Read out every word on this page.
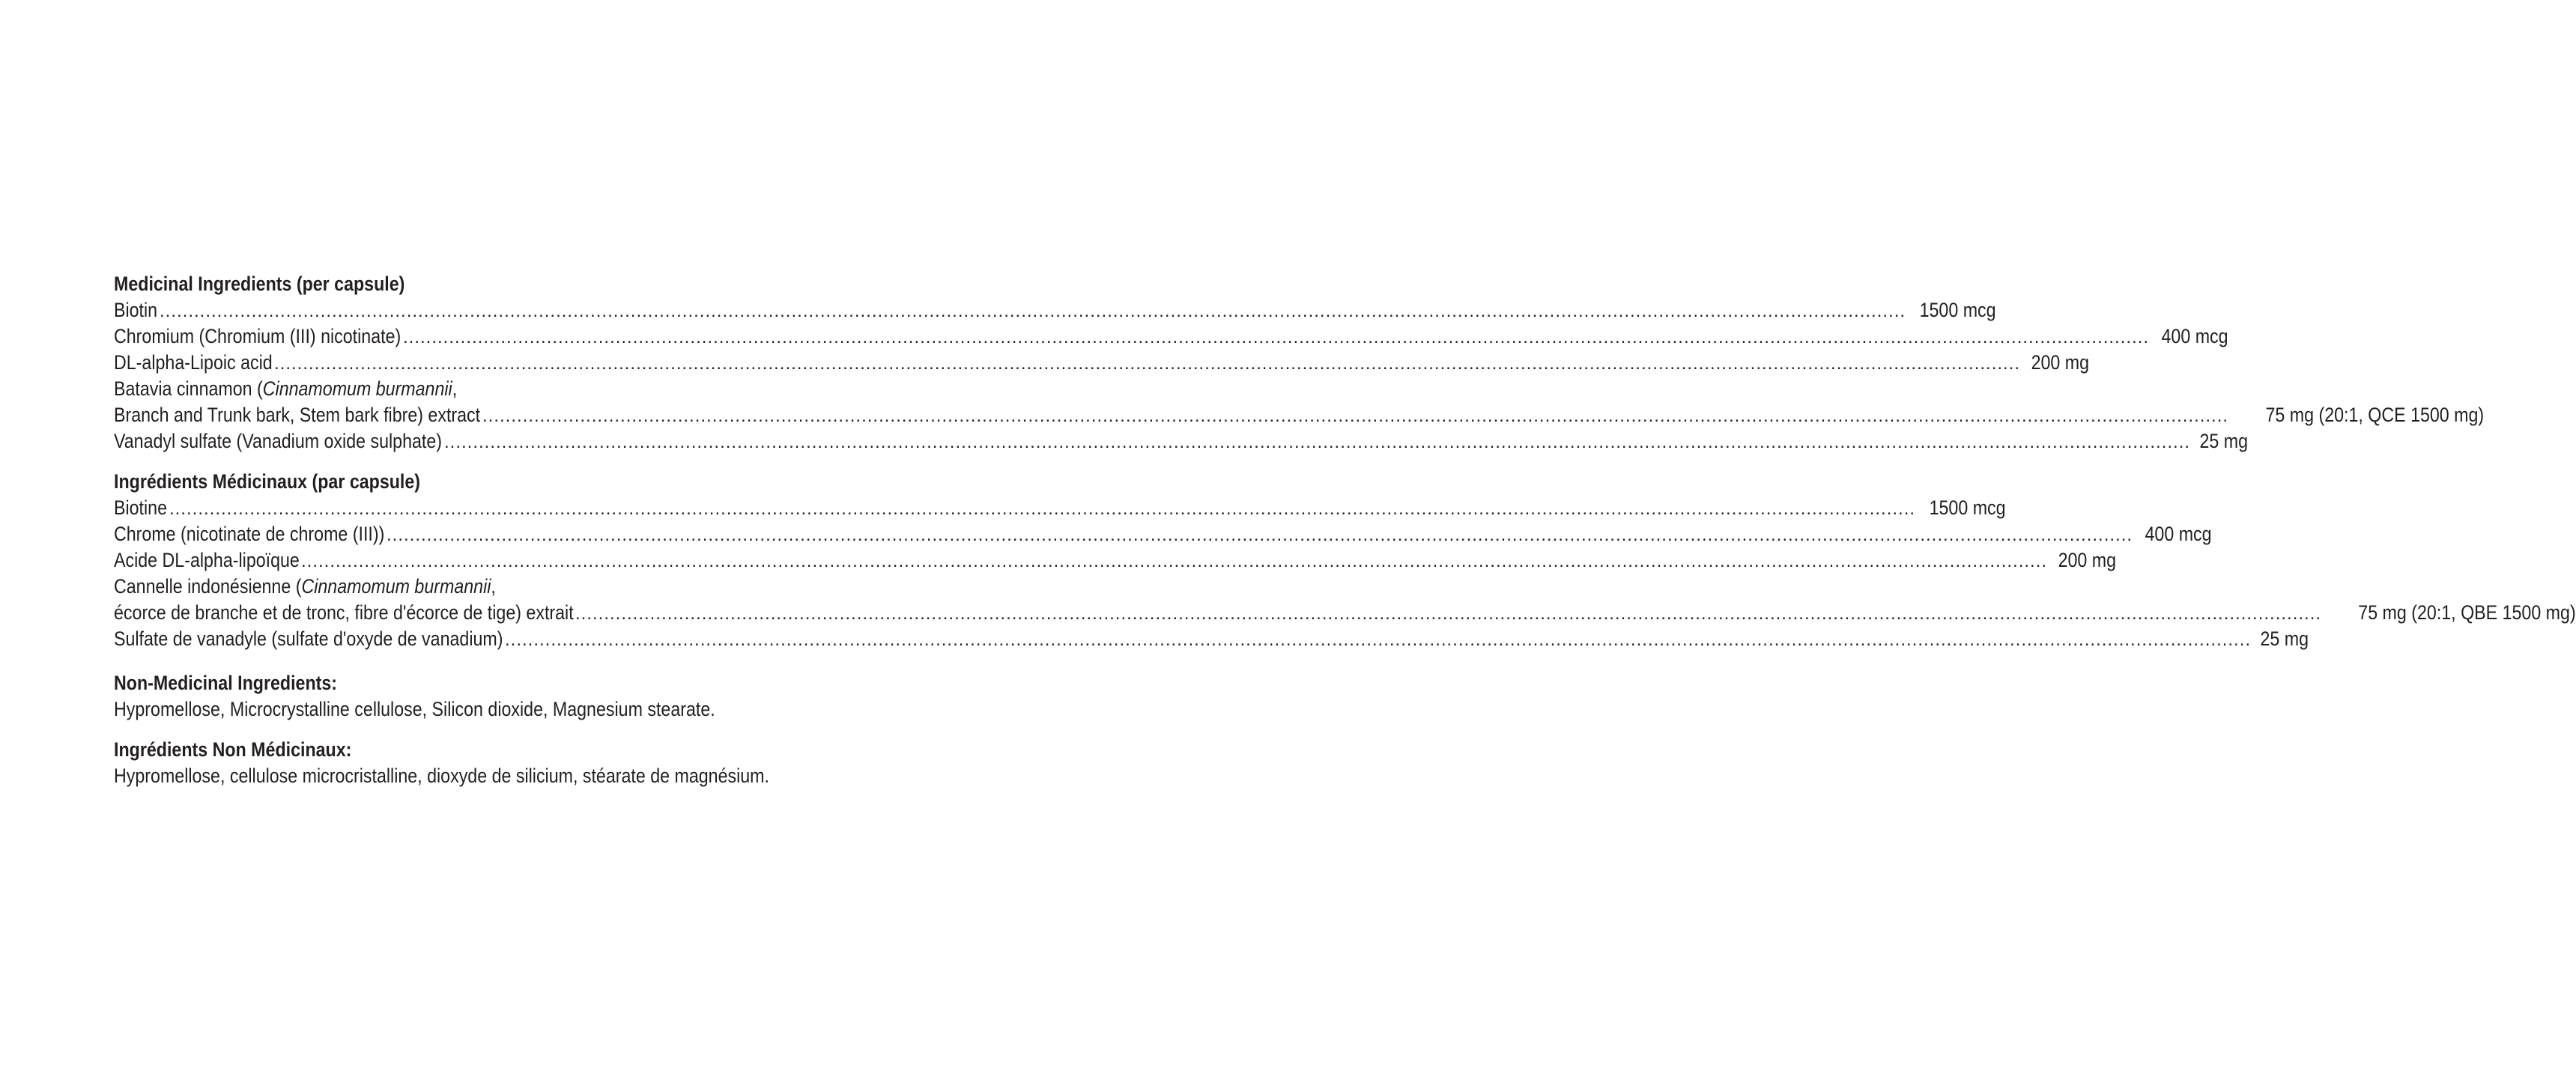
Medicinal Ingredients (per capsule)
Biotin .....	1500 mcg
Chromium (Chromium (III) nicotinate) .....	400 mcg
DL-alpha-Lipoic acid .....	200 mg
Batavia cinnamon (Cinnamomum burmannii,
Branch and Trunk bark, Stem bark fibre) extract .....	75 mg (20:1, QCE 1500 mg)
Vanadyl sulfate (Vanadium oxide sulphate) .....	25 mg
Ingrédients Médicinaux (par capsule)
Biotine .....	1500 mcg
Chrome (nicotinate de chrome (III)) .....	400 mcg
Acide DL-alpha-lipoïque .....	200 mg
Cannelle indonésienne (Cinnamomum burmannii,
écorce de branche et de tronc, fibre d'écorce de tige) extrait .....	75 mg (20:1, QBE 1500 mg)
Sulfate de vanadyle (sulfate d'oxyde de vanadium) .....	25 mg
Non-Medicinal Ingredients:
Hypromellose, Microcrystalline cellulose, Silicon dioxide, Magnesium stearate.
Ingrédients Non Médicinaux:
Hypromellose, cellulose microcristalline, dioxyde de silicium, stéarate de magnésium.
